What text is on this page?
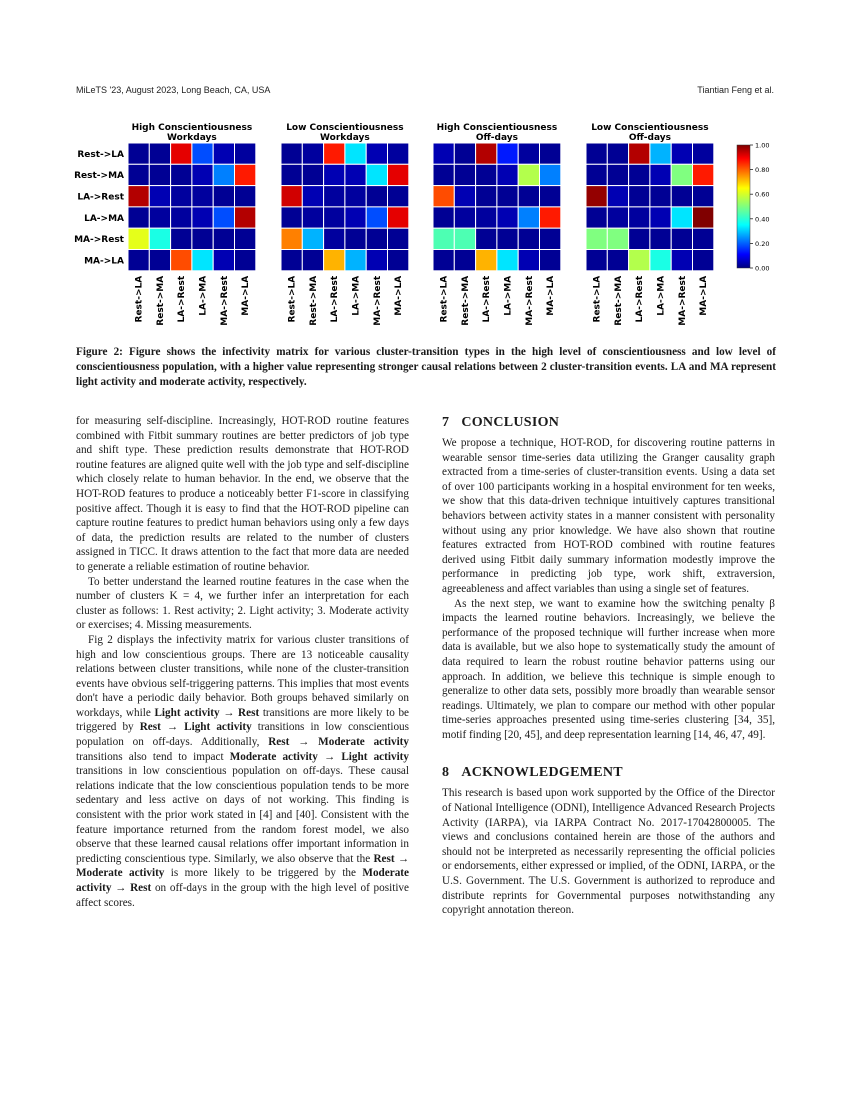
MiLeTS '23, August 2023, Long Beach, CA, USA	Tiantian Feng et al.
High Conscientiousness
Workdays
Rest->LA
Rest->MA
LA->Rest
LA->MA
MA->Rest
MA->LA
Rest->LA Rest->MA LA->Rest LA->MA MA->Rest MA->LA
Low Conscientiousness
Workdays
Rest->LA Rest->MA LA->Rest LA->MA MA->Rest MA->LA
High Conscientiousness
Off-days
Rest->LA Rest->MA LA->Rest LA->MA MA->Rest MA->LA
Low Conscientiousness
Off-days
Rest->LA Rest->MA LA->Rest LA->MA MA->Rest MA->LA
0.00
0.20
0.40
0.60
0.80
1.00
Figure 2: Figure shows the infectivity matrix for various cluster-transition types in the high level of conscientiousness and low level of conscientiousness population, with a higher value representing stronger causal relations between 2 cluster-transition events. LA and MA represent light activity and moderate activity, respectively.

for measuring self-discipline. Increasingly, HOT-ROD routine features combined with Fitbit summary routines are better predictors of job type and shift type. These prediction results demonstrate that HOT-ROD routine features are aligned quite well with the job type and self-discipline which closely relate to human behavior. In the end, we observe that the HOT-ROD features to produce a noticeably better F1-score in classifying positive affect. Though it is easy to find that the HOT-ROD pipeline can capture routine features to predict human behaviors using only a few days of data, the prediction results are related to the number of clusters assigned in TICC. It draws attention to the fact that more data are needed to generate a reliable estimation of routine behavior.

To better understand the learned routine features in the case when the number of clusters K = 4, we further infer an interpretation for each cluster as follows: 1. Rest activity; 2. Light activity; 3. Moderate activity or exercises; 4. Missing measurements.

Fig 2 displays the infectivity matrix for various cluster transitions of high and low conscientious groups. There are 13 noticeable causality relations between cluster transitions, while none of the cluster-transition events have obvious self-triggering patterns. This implies that most events don't have a periodic daily behavior. Both groups behaved similarly on workdays, while Light activity → Rest transitions are more likely to be triggered by Rest → Light activity transitions in low conscientious population on off-days. Additionally, Rest → Moderate activity transitions also tend to impact Moderate activity → Light activity transitions in low conscientious population on off-days. These causal relations indicate that the low conscientious population tends to be more sedentary and less active on days of not working. This finding is consistent with the prior work stated in [4] and [40]. Consistent with the feature importance returned from the random forest model, we also observe that these learned causal relations offer important information in predicting conscientious type. Similarly, we also observe that the Rest → Moderate activity is more likely to be triggered by the Moderate activity → Rest on off-days in the group with the high level of positive affect scores.

7 CONCLUSION

We propose a technique, HOT-ROD, for discovering routine patterns in wearable sensor time-series data utilizing the Granger causality graph extracted from a time-series of cluster-transition events. Using a data set of over 100 participants working in a hospital environment for ten weeks, we show that this data-driven technique intuitively captures transitional behaviors between activity states in a manner consistent with personality without using any prior knowledge. We have also shown that routine features extracted from HOT-ROD combined with routine features derived using Fitbit daily summary information modestly improve the performance in predicting job type, work shift, extraversion, agreeableness and affect variables than using a single set of features.

As the next step, we want to examine how the switching penalty β impacts the learned routine behaviors. Increasingly, we believe the performance of the proposed technique will further increase when more data is available, but we also hope to systematically study the amount of data required to learn the robust routine behavior patterns using our approach. In addition, we believe this technique is simple enough to generalize to other data sets, possibly more broadly than wearable sensor readings. Ultimately, we plan to compare our method with other popular time-series approaches presented using time-series clustering [34, 35], motif finding [20, 45], and deep representation learning [14, 46, 47, 49].

8 ACKNOWLEDGEMENT

This research is based upon work supported by the Office of the Director of National Intelligence (ODNI), Intelligence Advanced Research Projects Activity (IARPA), via IARPA Contract No. 2017-17042800005. The views and conclusions contained herein are those of the authors and should not be interpreted as necessarily representing the official policies or endorsements, either expressed or implied, of the ODNI, IARPA, or the U.S. Government. The U.S. Government is authorized to reproduce and distribute reprints for Governmental purposes notwithstanding any copyright annotation thereon.
